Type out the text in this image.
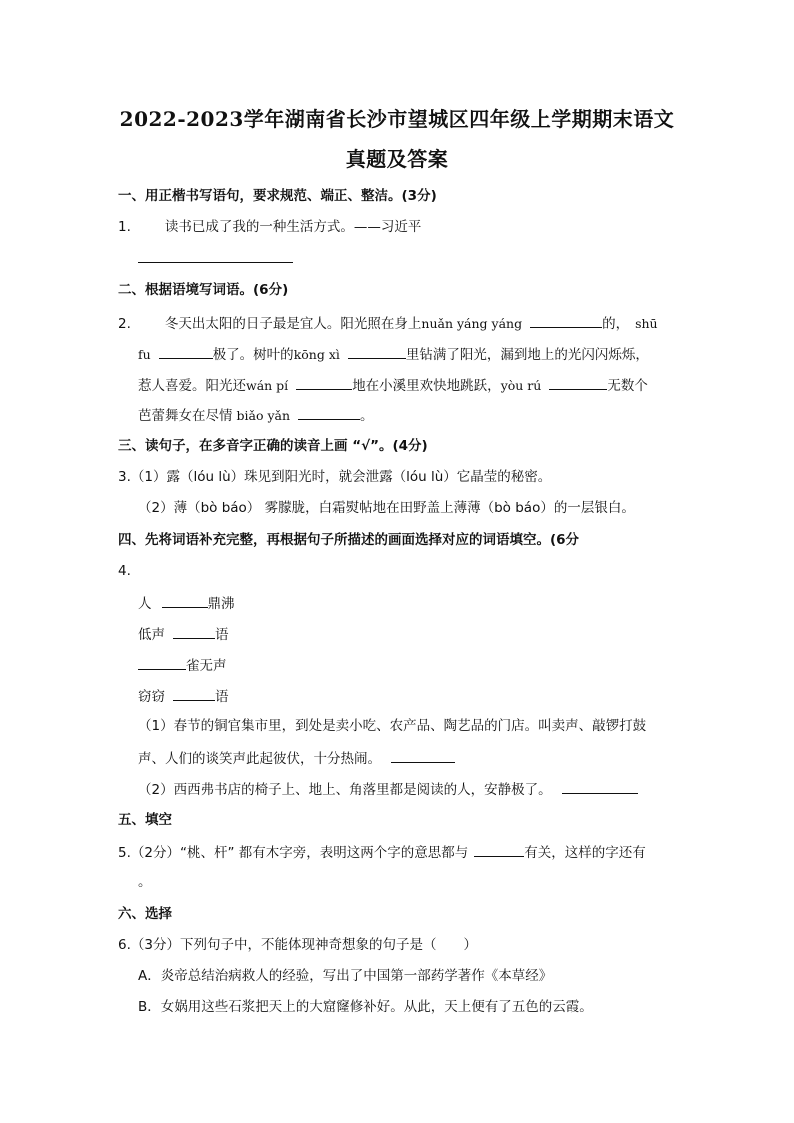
2022-2023学年湖南省长沙市望城区四年级上学期期末语文
真题及答案
一、用正楷书写语句，要求规范、端正、整洁。(3分)
1.	读书已成了我的一种生活方式。——习近平
二、根据语境写词语。(6分)
2.	冬天出太阳的日子最是宜人。阳光照在身上nuǎn yáng yáng	的， shū
fu	极了。树叶的kōng xì	里钻满了阳光，漏到地上的光闪闪烁烁，
惹人喜爱。阳光还wán pí	地在小溪里欢快地跳跃，yòu rú	无数个
芭蕾舞女在尽情 biǎo yǎn	。
三、读句子，在多音字正确的读音上画 “√”。(4分)
3.（1）露（lóu lù）珠见到阳光时，就会泄露（lóu lù）它晶莹的秘密。
（2）薄（bò báo） 雾朦胧，白霜熨帖地在田野盖上薄薄（bò báo）的一层银白。
四、先将词语补充完整，再根据句子所描述的画面选择对应的词语填空。(6分
4.
人	鼎沸
低声	语
雀无声
窃窃	语
（1）春节的铜官集市里，到处是卖小吃、农产品、陶艺品的门店。叫卖声、敲锣打鼓
声、人们的谈笑声此起彼伏，十分热闹。
（2）西西弗书店的椅子上、地上、角落里都是阅读的人，安静极了。
五、填空
5.（2分）“桃、杆” 都有木字旁，表明这两个字的意思都与	有关，这样的字还有
。
六、选择
6.（3分）下列句子中，不能体现神奇想象的句子是（　　）
A．炎帝总结治病救人的经验，写出了中国第一部药学著作《本草经》
B．女娲用这些石浆把天上的大窟窿修补好。从此，天上便有了五色的云霞。
